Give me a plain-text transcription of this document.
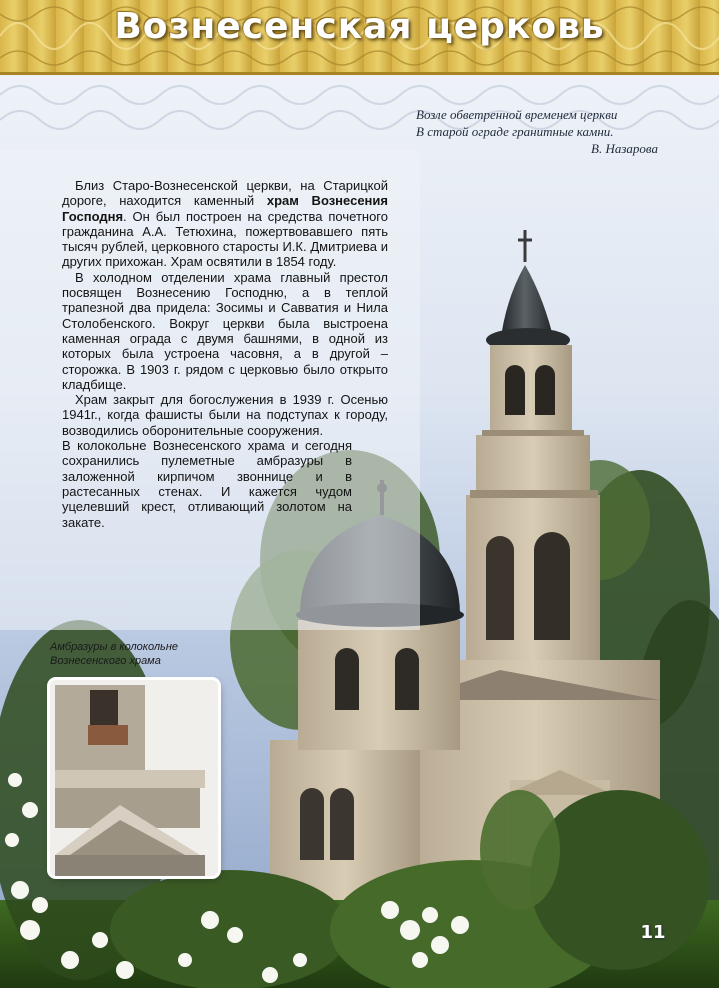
Вознесенская церковь
Возле обветренной временем церкви
В старой ограде гранитные камни.
В. Назарова

 Близ Старо-Вознесенской церкви, на Старицкой дороге, находится каменный храм Вознесения Господня. Он был построен на средства почетного гражданина А.А. Тетюхина, пожертвовавшего пять тысяч рублей, церковного старосты И.К. Дмитриева и других прихожан. Храм освятили в 1854 году.

 В холодном отделении храма главный престол посвящен Вознесению Господню, а в теплой трапезной два придела: Зосимы и Савватия и Нила Столобенского. Вокруг церкви была выстроена каменная ограда с двумя башнями, в одной из которых была устроена часовня, а в другой – сторожка. В 1903 г. рядом с церковью было открыто кладбище.

 Храм закрыт для богослужения в 1939 г. Осенью 1941г., когда фашисты были на подступах к городу, возводились оборонительные сооружения.

В колокольне Вознесенского храма и сегодня сохранились пулеметные амбразуры в заложенной кирпичом звоннице и в растесанных стенах. И кажется чудом уцелевший крест, отливающий золотом на закате.

Амбразуры в колокольне
Вознесенского храма
11
